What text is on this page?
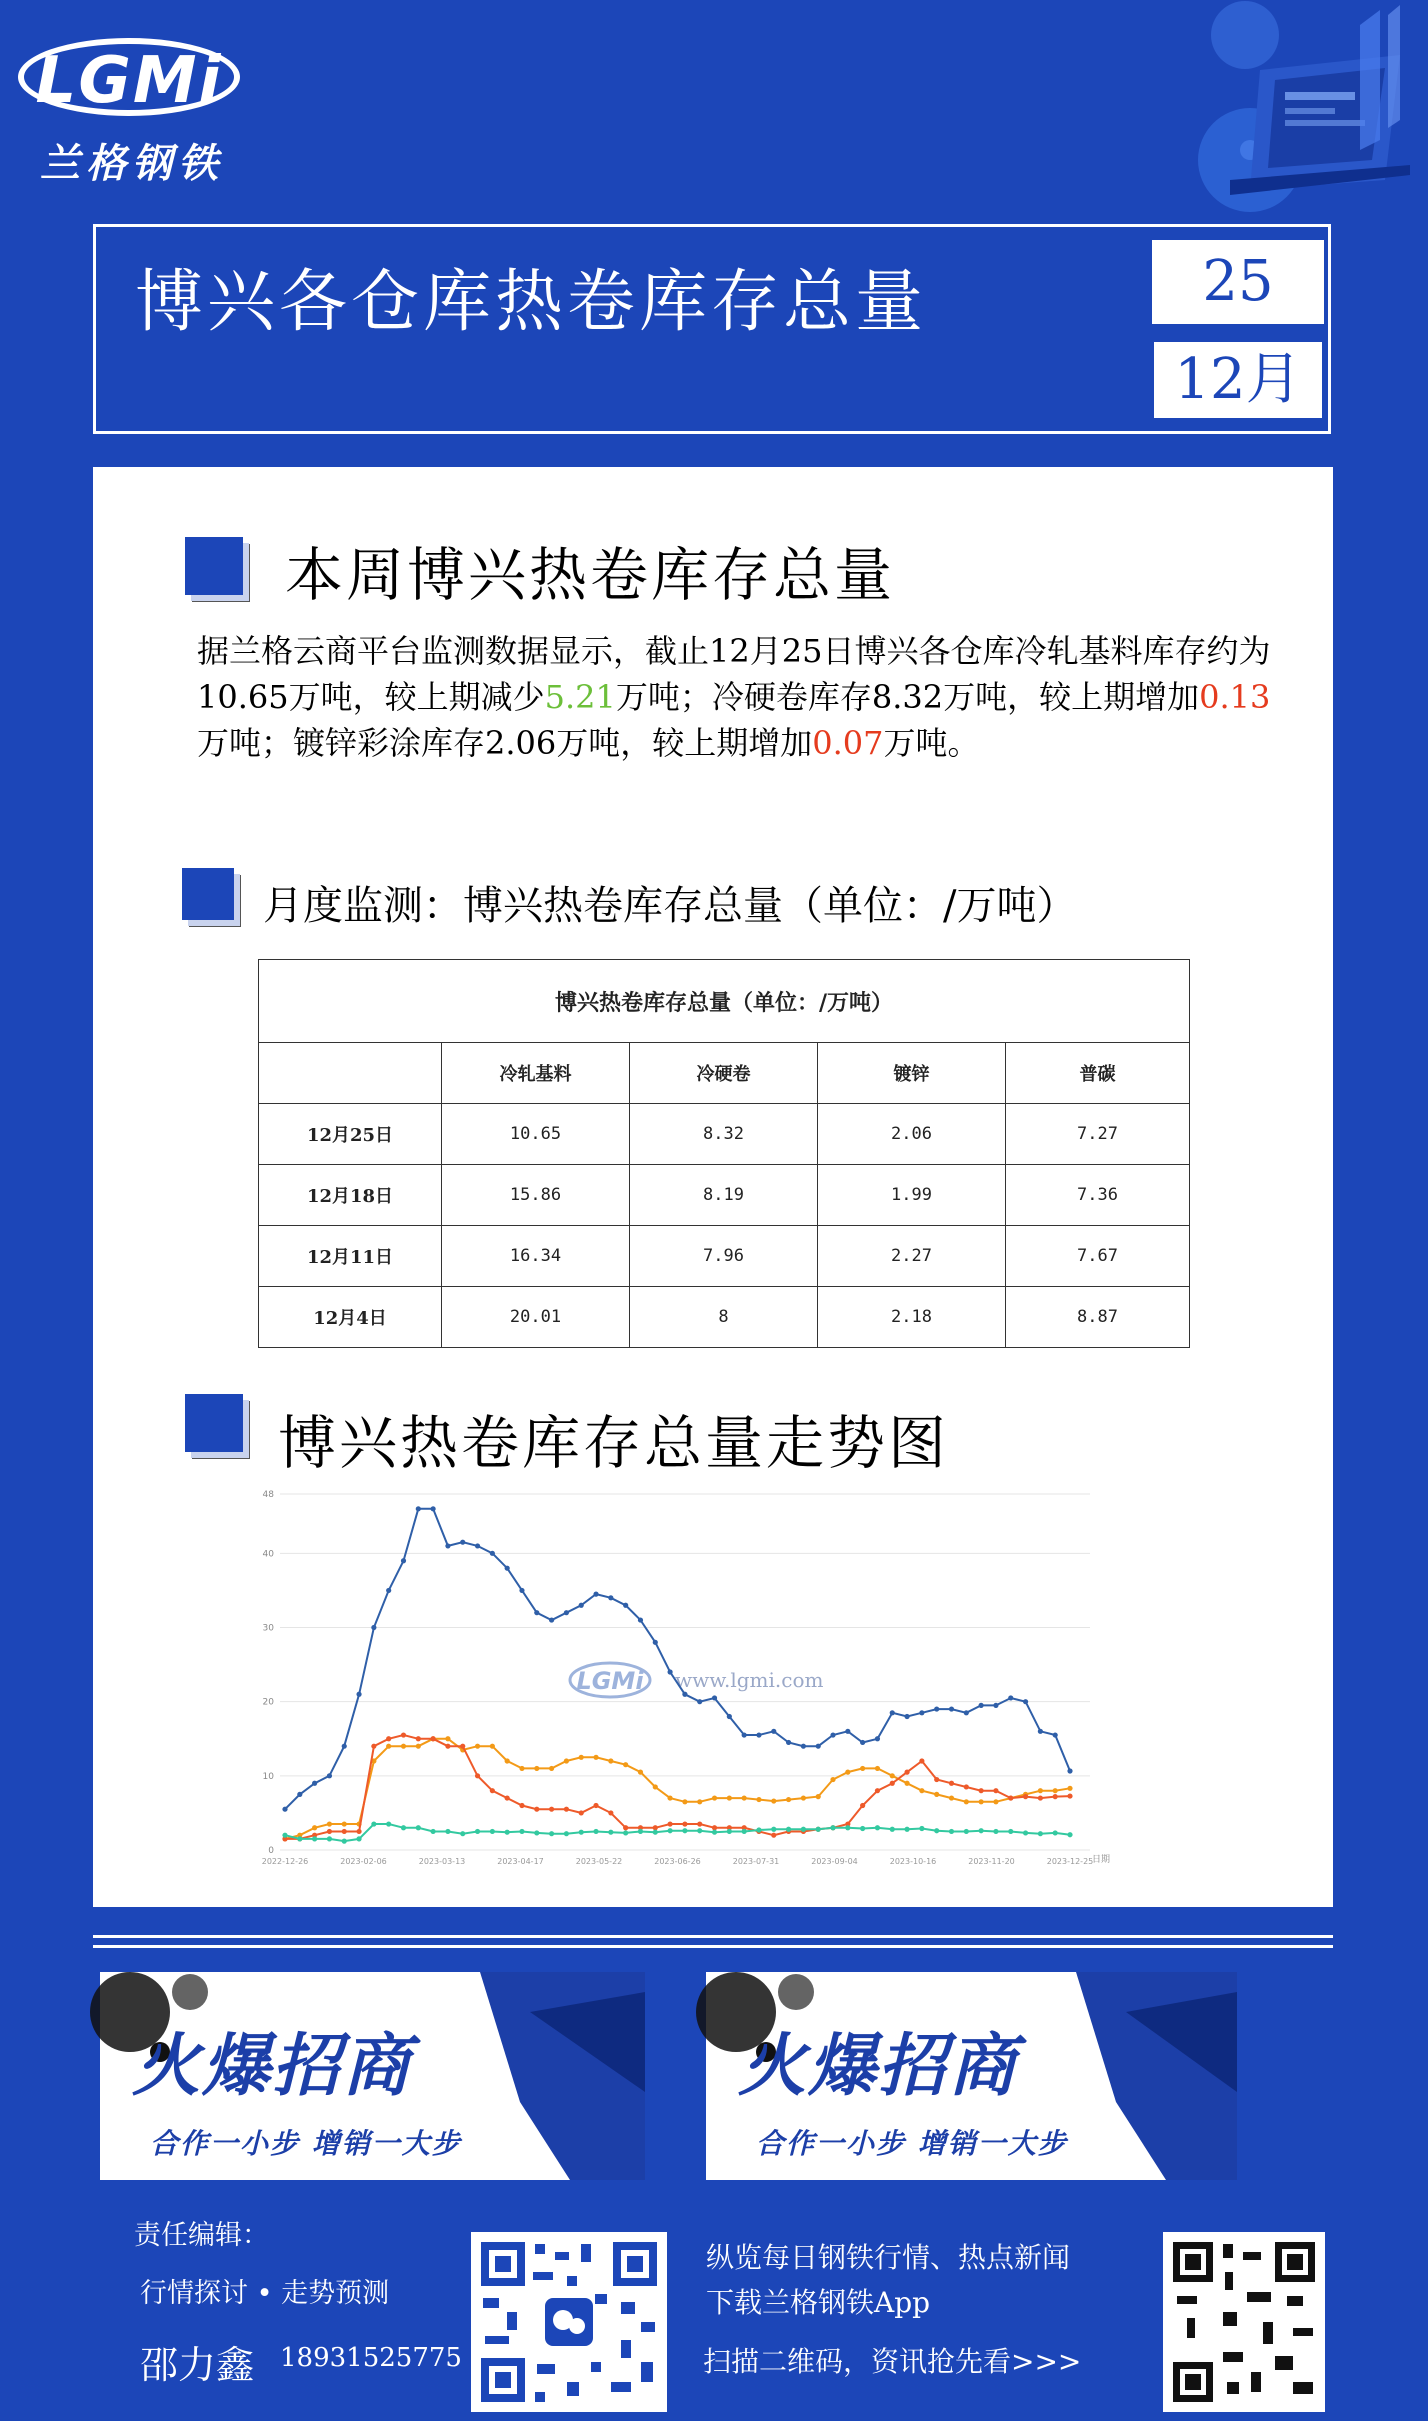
LGMi
兰格钢铁
博兴各仓库热卷库存总量	25
12月
本周博兴热卷库存总量
据兰格云商平台监测数据显示，截止12月25日博兴各仓库冷轧基料库存约为10.65万吨，较上期减少5.21万吨；冷硬卷库存8.32万吨，较上期增加0.13万吨；镀锌彩涂库存2.06万吨，较上期增加0.07万吨。
月度监测：博兴热卷库存总量（单位：/万吨）
博兴热卷库存总量（单位：/万吨）				
	冷轧基料	冷硬卷	镀锌	普碳
12月25日	10.65	8.32	2.06	7.27
12月18日	15.86	8.19	1.99	7.36
12月11日	16.34	7.96	2.27	7.67
12月4日	20.01	8	2.18	8.87
博兴热卷库存总量走势图
48
40
30
20
10
0
2022-12-26	2023-02-06	2023-03-13	2023-04-17	2023-05-22	2023-06-26	2023-07-31	2023-09-04	2023-10-16	2023-11-20	2023-12-25
www.lgmi.com
LGMi
日期
火爆招商
合作一小步 增销一大步
火爆招商
合作一小步 增销一大步
责任编辑：
行情探讨 • 走势预测
邵力鑫 18931525775
纵览每日钢铁行情、热点新闻
下载兰格钢铁App
扫描二维码，资讯抢先看>>>
